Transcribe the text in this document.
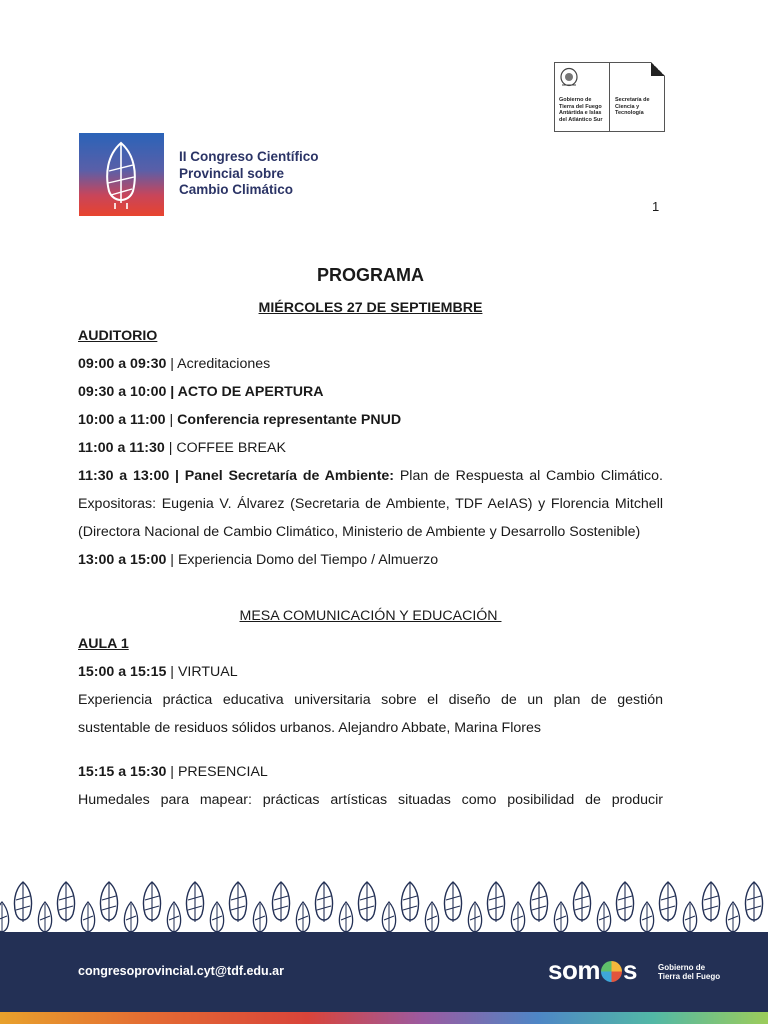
II Congreso Científico
Provincial sobre
Cambio Climático
Gobierno de
Tierra del Fuego
Antártida e Islas
del Atlántico Sur
Secretaría de
Ciencia y
Tecnología
1
PROGRAMA
MIÉRCOLES 27 DE SEPTIEMBRE
AUDITORIO
09:00 a 09:30 | Acreditaciones
09:30 a 10:00 | ACTO DE APERTURA
10:00 a 11:00 | Conferencia representante PNUD
11:00 a 11:30 | COFFEE BREAK
11:30 a 13:00 | Panel Secretaría de Ambiente: Plan de Respuesta al Cambio Climático. Expositoras: Eugenia V. Álvarez (Secretaria de Ambiente, TDF AeIAS) y Florencia Mitchell (Directora Nacional de Cambio Climático, Ministerio de Ambiente y Desarrollo Sostenible)
13:00 a 15:00 | Experiencia Domo del Tiempo / Almuerzo
MESA COMUNICACIÓN Y EDUCACIÓN
AULA 1
15:00 a 15:15 | VIRTUAL
Experiencia práctica educativa universitaria sobre el diseño de un plan de gestión sustentable de residuos sólidos urbanos. Alejandro Abbate, Marina Flores
15:15 a 15:30 | PRESENCIAL
Humedales para mapear: prácticas artísticas situadas como posibilidad de producir
congresoprovincial.cyt@tdf.edu.ar	som s	Gobierno de
Tierra del Fuego
